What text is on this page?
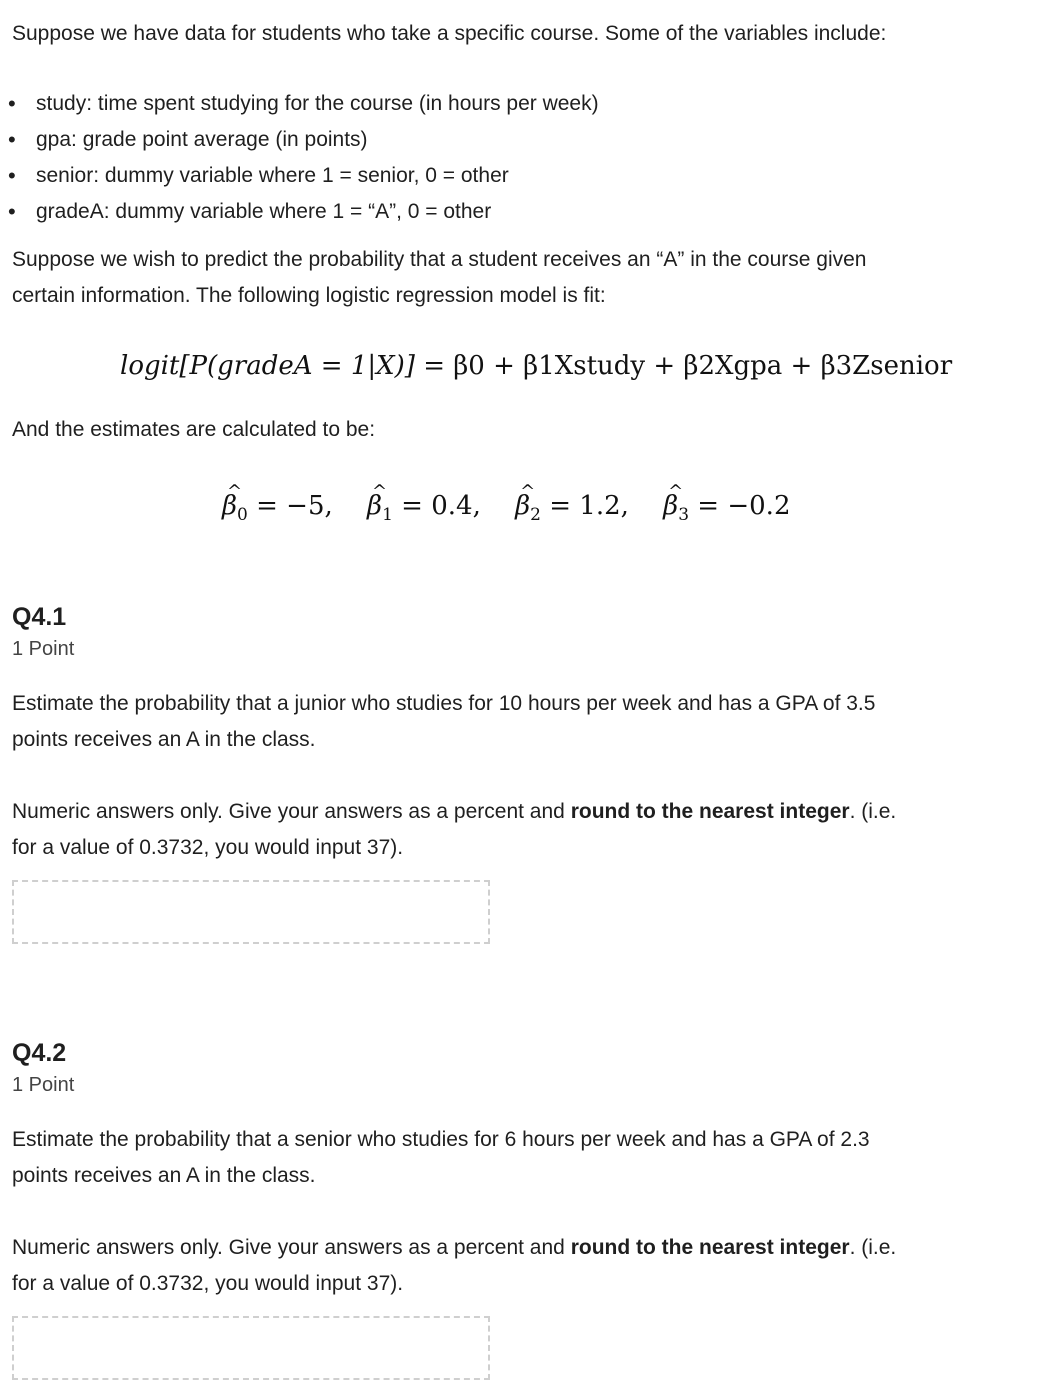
Suppose we have data for students who take a specific course. Some of the variables include:

• study: time spent studying for the course (in hours per week)
• gpa: grade point average (in points)
• senior: dummy variable where 1 = senior, 0 = other
• gradeA: dummy variable where 1 = “A”, 0 = other

Suppose we wish to predict the probability that a student receives an “A” in the course given
certain information. The following logistic regression model is fit:

logit[P(gradeA = 1|X)] = β0 + β1Xstudy + β2Xgpa + β3Zsenior

And the estimates are calculated to be:

^ $\beta_0 = -5$, ^ $\beta_1 = 0.4$, ^ $\beta_2 = 1.2$, ^ $\beta_3 = -0.2$
Q4.1
1 Point

Estimate the probability that a junior who studies for 10 hours per week and has a GPA of 3.5
points receives an A in the class.

Numeric answers only. Give your answers as a percent and round to the nearest integer. (i.e.
for a value of 0.3732, you would input 37).

Q4.2
1 Point

Estimate the probability that a senior who studies for 6 hours per week and has a GPA of 2.3
points receives an A in the class.

Numeric answers only. Give your answers as a percent and round to the nearest integer. (i.e.
for a value of 0.3732, you would input 37).
